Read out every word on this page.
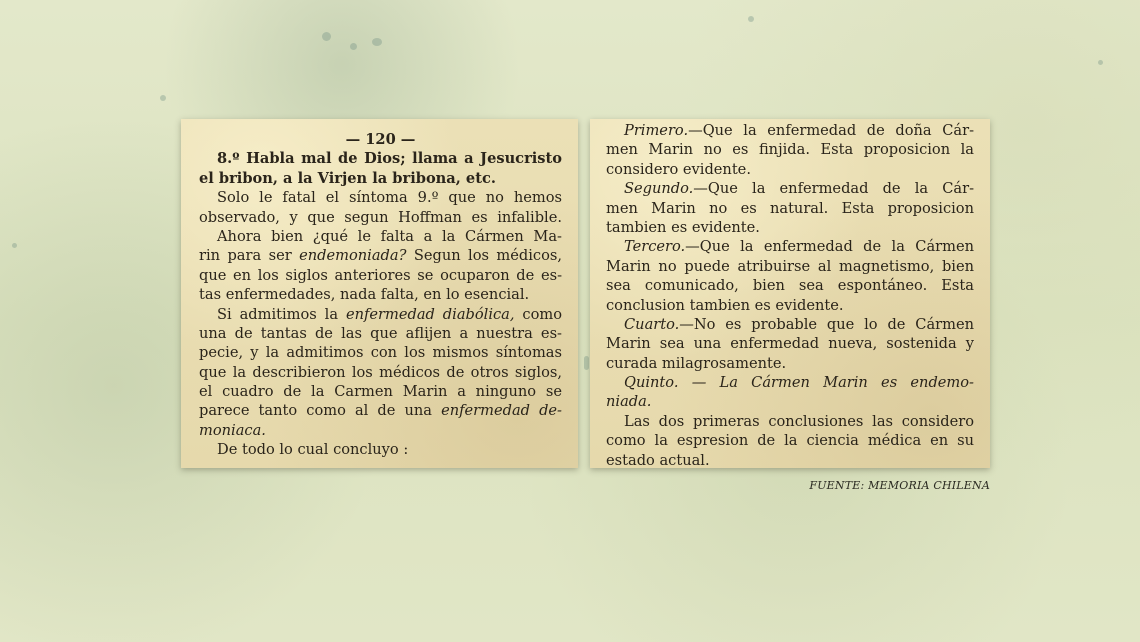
— 120 —
8.º Habla mal de Dios; llama a Jesucristo
el bribon, a la Virjen la bribona, etc.
Solo le fatal el síntoma 9.º que no hemos
observado, y que segun Hoffman es infalible.
Ahora bien ¿qué le falta a la Cármen Ma-
rin para ser endemoniada? Segun los médicos,
que en los siglos anteriores se ocuparon de es-
tas enfermedades, nada falta, en lo esencial.
Si admitimos la enfermedad diabólica, como
una de tantas de las que aflijen a nuestra es-
pecie, y la admitimos con los mismos síntomas
que la describieron los médicos de otros siglos,
el cuadro de la Carmen Marin a ninguno se
parece tanto como al de una enfermedad de-
moniaca.
De todo lo cual concluyo :
Primero.—Que la enfermedad de doña Cár-
men Marin no es finjida. Esta proposicion la
considero evidente.
Segundo.—Que la enfermedad de la Cár-
men Marin no es natural. Esta proposicion
tambien es evidente.
Tercero.—Que la enfermedad de la Cármen
Marin no puede atribuirse al magnetismo, bien
sea comunicado, bien sea espontáneo. Esta
conclusion tambien es evidente.
Cuarto.—No es probable que lo de Cármen
Marin sea una enfermedad nueva, sostenida y
curada milagrosamente.
Quinto. — La Cármen Marin es endemo-
niada.
Las dos primeras conclusiones las considero
como la espresion de la ciencia médica en su
estado actual.
FUENTE: MEMORIA CHILENA
